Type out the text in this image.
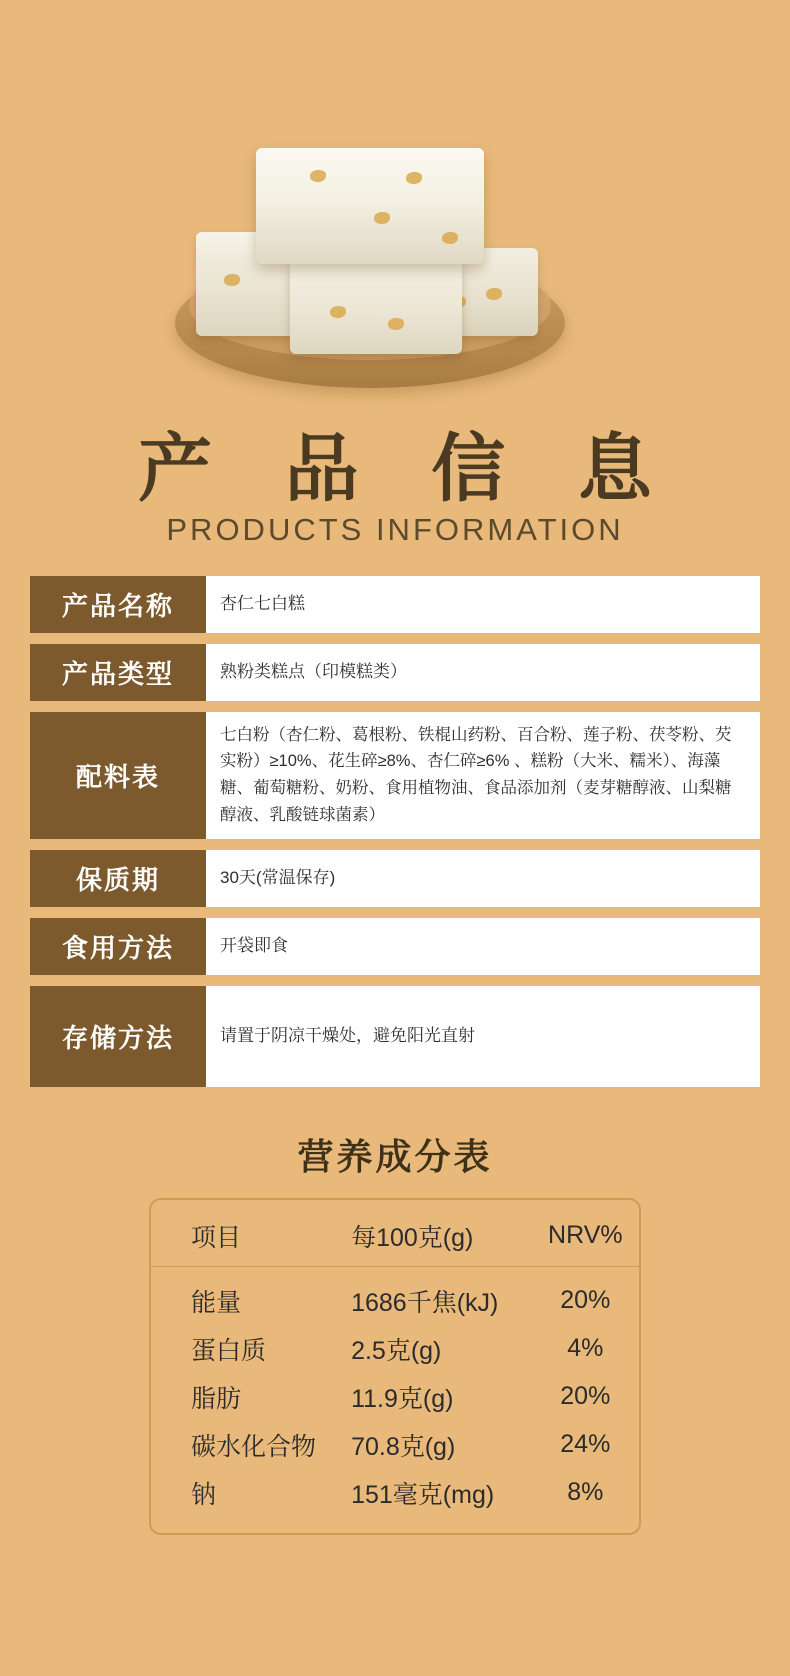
产 品 信 息
PRODUCTS INFORMATION
产品名称	杏仁七白糕
产品类型	熟粉类糕点（印模糕类）
配料表
七白粉（杏仁粉、葛根粉、铁棍山药粉、百合粉、莲子粉、茯苓粉、芡实粉）≥10%、花生碎≥8%、杏仁碎≥6% 、糕粉（大米、糯米）、海藻糖、葡萄糖粉、奶粉、食用植物油、食品添加剂（麦芽糖醇液、山梨糖醇液、乳酸链球菌素）
保质期	30天(常温保存)
食用方法	开袋即食
存储方法	请置于阴凉干燥处，避免阳光直射
营养成分表
项目	每100克(g)	NRV%
能量	1686千焦(kJ)	20%
蛋白质	2.5克(g)	4%
脂肪	11.9克(g)	20%
碳水化合物	70.8克(g)	24%
钠	151毫克(mg)	8%
